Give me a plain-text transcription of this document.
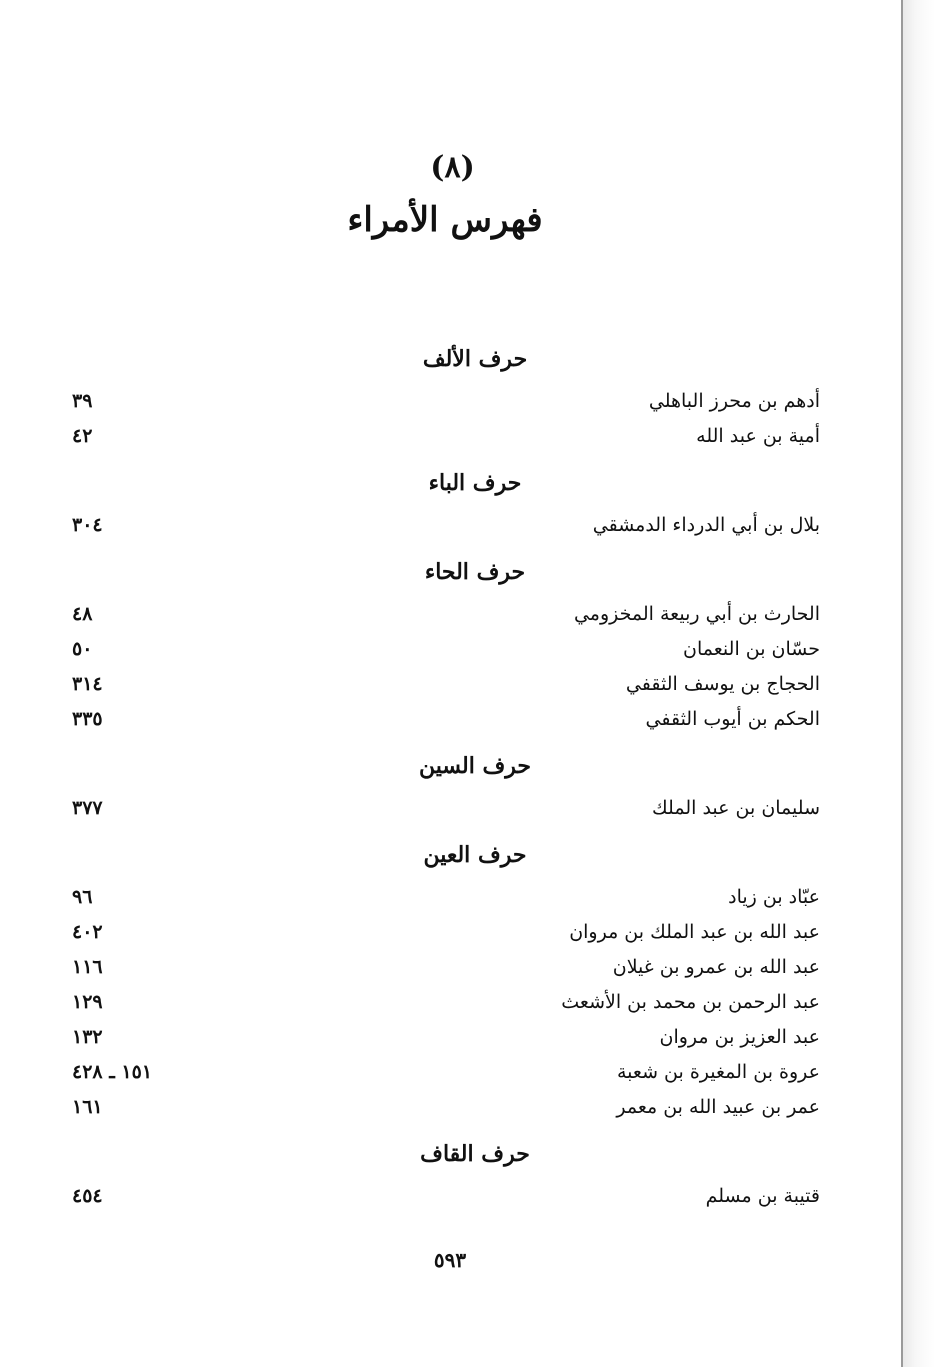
(٨)
فهرس الأمراء
حرف الألف
أدهم بن محرز الباهلي
٣٩
أمية بن عبد الله
٤٢
حرف الباء
بلال بن أبي الدرداء الدمشقي
٣٠٤
حرف الحاء
الحارث بن أبي ربيعة المخزومي
٤٨
حسّان بن النعمان
٥٠
الحجاج بن يوسف الثقفي
٣١٤
الحكم بن أيوب الثقفي
٣٣٥
حرف السين
سليمان بن عبد الملك
٣٧٧
حرف العين
عبّاد بن زياد
٩٦
عبد الله بن عبد الملك بن مروان
٤٠٢
عبد الله بن عمرو بن غيلان
١١٦
عبد الرحمن بن محمد بن الأشعث
١٢٩
عبد العزيز بن مروان
١٣٢
عروة بن المغيرة بن شعبة
١٥١ ـ ٤٢٨
عمر بن عبيد الله بن معمر
١٦١
حرف القاف
قتيبة بن مسلم
٤٥٤
٥٩٣
